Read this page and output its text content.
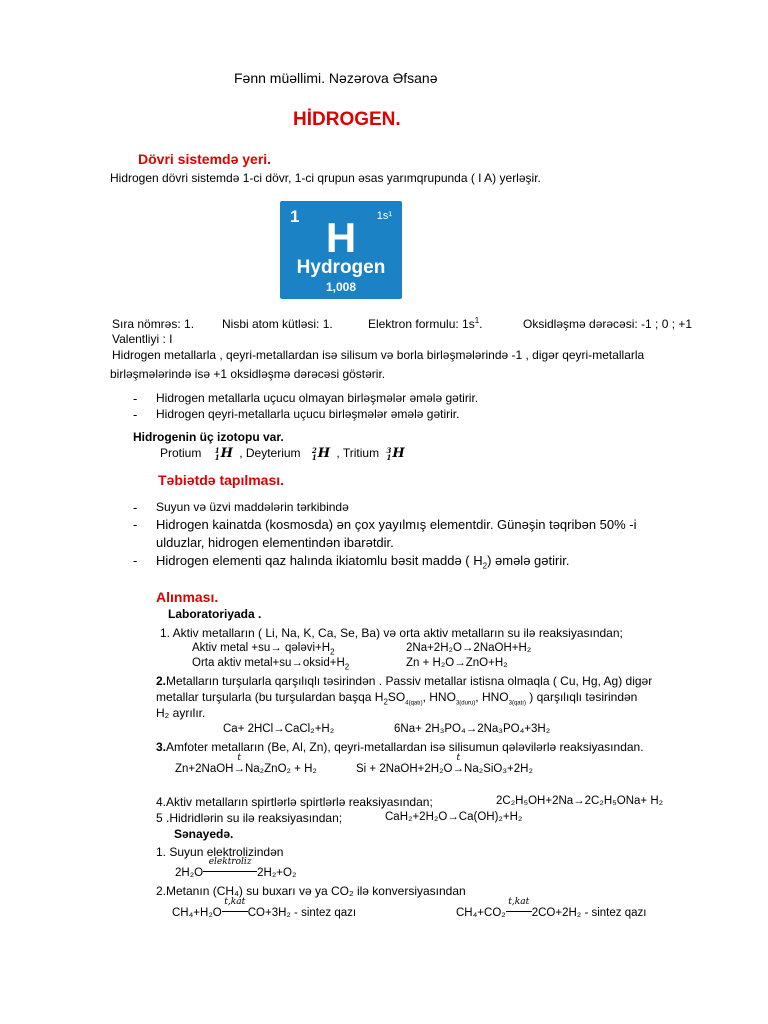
Fənn müəllimi. Nəzərova Əfsanə
HİDROGEN.
Dövri sistemdə yeri.
Hidrogen dövri sistemdə 1-ci dövr, 1-ci qrupun əsas yarımqrupunda ( I A) yerləşir.
1	1s¹
H
Hydrogen
1,008
Sıra nömrəs: 1. Nisbi atom kütləsi: 1.	Elektron formulu: $1s^1$.	Oksidləşmə dərəcəsi: -1 ; 0 ; +1
Valentliyi : I
Hidrogen metallarla , qeyri-metallardan isə silisum və borla birləşmələrində -1 , digər qeyri-metallarla
birləşmələrində isə +1 oksidləşmə dərəcəsi göstərir.
- Hidrogen metallarla uçucu olmayan birləşmələr əmələ gətirir.
- Hidrogen qeyri-metallarla uçucu birləşmələr əmələ gətirir.
Hidrogenin üç izotopu var.
Protium 1
1 H , Deyterium 2
1 H , Tritium 3
1 H
Təbiətdə tapılması.
- Suyun və üzvi maddələrin tərkibində
- Hidrogen kainatda (kosmosda) ən çox yayılmış elementdir. Günəşin təqribən 50% -i
ulduzlar, hidrogen elementindən ibarətdir.
- Hidrogen elementi qaz halında ikiatomlu bəsit maddə ( $H_2$) əmələ gətirir.
Alınması.
Laboratoriyada .
1. Aktiv metalların ( Li, Na, K, Ca, Se, Ba) və orta aktiv metalların su ilə reaksiyasından;
Aktiv metal $+su\to qələvi+H_2$	2Na+2H₂O→2NaOH+H₂
Orta aktiv $metal+su\to oksid+H_2$	Zn + H₂O→ZnO+H₂
2.Metalların turşularla qarşılıqlı təsirindən . Passiv metallar istisna olmaqla ( Cu, Hg, Ag) digər
metallar turşularla (bu turşulardan başqa $H_2SO_{4(qatı)}$, $HNO_{3(duru)}$, $HNO_{3(qatı)}$ ) qarşılıqlı təsirindən
H₂ ayrılır.
Ca+ 2HCl→CaCl₂+H₂	6Na+ 2H₃PO₄→2Na₃PO₄+3H₂
3.Amfoter metalların (Be, Al, Zn), qeyri-metallardan isə silisumun qələvilərlə reaksiyasından.
Zn+2NaOH
t
→Na₂ZnO₂ + H₂	Si + 2NaOH+2H₂O
t
→Na₂SiO₃+2H₂
4.Aktiv metalların spirtlərlə spirtlərlə reaksiyasından;	2C₂H₅OH+2Na→2C₂H₅ONa+ H₂
5 .Hidridlərin su ilə reaksiyasından;	CaH₂+2H₂O→Ca(OH)₂+H₂
Sənayedə.
1. Suyun elektrolizindən
2H₂O
elektroliz
2H₂+O₂
2.Metanın (CH₄) su buxarı və ya CO₂ ilə konversiyasından
CH₄+H₂O
t,kat
CO+3H₂ - sintez qazı	CH₄+CO₂
t,kat
2CO+2H₂ - sintez qazı
